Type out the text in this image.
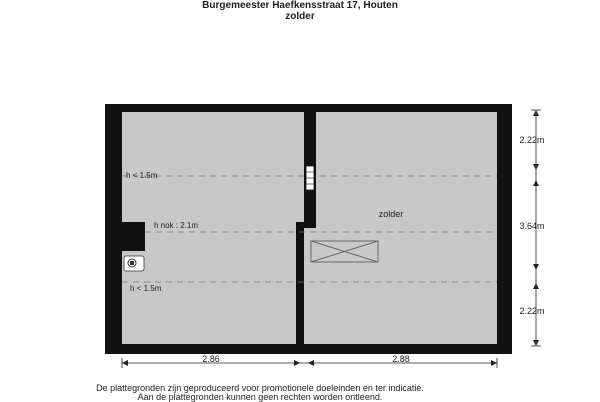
Burgemeester Haefkensstraat 17, Houten
zolder
h < 1.5m
h nok : 2.1m
h < 1.5m
zolder
2.22m
3.64m
2.22m
2.86	2.88
De plattegronden zijn geproduceerd voor promotionele doeleinden en ter indicatie.
Aan de plattegronden kunnen geen rechten worden ontleend.
